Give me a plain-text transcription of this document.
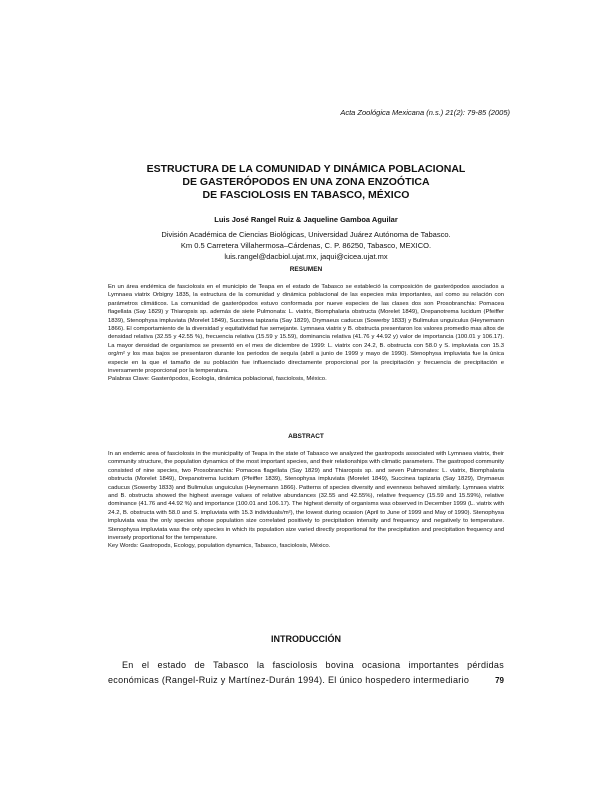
Acta Zoológica Mexicana (n.s.) 21(2): 79-85 (2005)
ESTRUCTURA DE LA COMUNIDAD Y DINÁMICA POBLACIONAL
DE GASTERÓPODOS EN UNA ZONA ENZOÓTICA
DE FASCIOLOSIS EN TABASCO, MÉXICO
Luis José Rangel Ruiz & Jaqueline Gamboa Aguilar
División Académica de Ciencias Biológicas, Universidad Juárez Autónoma de Tabasco.
Km 0.5 Carretera Villahermosa–Cárdenas, C. P. 86250, Tabasco, MEXICO.
luis.rangel@dacbiol.ujat.mx, jaqui@cicea.ujat.mx
RESUMEN

En un área endémica de fasciolosis en el municipio de Teapa en el estado de Tabasco se estableció la composición de gasterópodos asociados a Lymnaea viatrix Orbigny 1835, la estructura de la comunidad y dinámica poblacional de las especies más importantes, así como su relación con parámetros climáticos. La comunidad de gasterópodos estuvo conformada por nueve especies de las clases dos son Prosobranchia: Pomacea flagellata (Say 1829) y Thiaropsis sp. además de siete Pulmonata: L. viatrix, Biomphalaria obstructa (Morelet 1849), Drepanotrema lucidum (Pfeiffer 1839), Stenophysa impluviata (Morelet 1849), Succinea tapizaria (Say 1829), Drymaeus caducus (Sowerby 1833) y Bulimulus unguiculus (Heynemann 1866). El comportamiento de la diversidad y equitatividad fue semejante. Lymnaea viatrix y B. obstructa presentaron los valores promedio mas altos de densidad relativa (32.55 y 42.55 %), frecuencia relativa (15.59 y 15.59), dominancia relativa (41.76 y 44.92 y) valor de importancia (100.01 y 106.17). La mayor densidad de organismos se presentó en el mes de diciembre de 1999: L. viatrix con 24.2, B. obstructa con 58.0 y S. impluviata con 15.3 org/m² y los mas bajos se presentaron durante los periodos de sequía (abril a junio de 1999 y mayo de 1990). Stenophysa impluviata fue la única especie en la que el tamaño de su población fue influenciado directamente proporcional por la precipitación y frecuencia de precipitación e inversamente proporcional por la temperatura.

Palabras Clave: Gasterópodos, Ecología, dinámica poblacional, fasciolosis, México.

ABSTRACT

In an endemic area of fasciolosis in the municipality of Teapa in the state of Tabasco we analyzed the gastropods associated with Lymnaea viatrix, their community structure, the population dynamics of the most important species, and their relationships with climatic parameters. The gastropod community consisted of nine species, two Prosobranchia: Pomacea flagellata (Say 1829) and Thiaropsis sp. and seven Pulmonates: L. viatrix, Biomphalaria obstructa (Morelet 1849), Drepanotrema lucidum (Pfeiffer 1839), Stenophysa impluviata (Morelet 1849), Succinea tapizaria (Say 1829), Drymaeus caducus (Sowerby 1833) and Bulimulus unguiculus (Heynemann 1866). Patterns of species diversity and evenness behaved similarly. Lymnaea viatrix and B. obstructa showed the highest average values of relative abundances (32.55 and 42.55%), relative frequency (15.59 and 15.59%), relative dominance (41.76 and 44.92 %) and importance (100.01 and 106.17). The highest density of organisms was observed in December 1999 (L. viatrix with 24.2, B. obstructa with 58.0 and S. impluviata with 15.3 individuals/m²), the lowest during ocasion (April to June of 1999 and May of 1990). Stenophysa impluviata was the only species whose population size correlated positively to precipitation intensity and frequency and negatively to temperature. Stenophysa impluviata was the only species in which its population size varied directly proportional for the precipitation and precipitation frequency and inversely proportional for the temperature.

Key Words: Gastropods, Ecology, population dynamics, Tabasco, fasciolosis, México.

INTRODUCCIÓN

En el estado de Tabasco la fasciolosis bovina ocasiona importantes pérdidas económicas (Rangel-Ruiz y Martínez-Durán 1994). El único hospedero intermediario	79
